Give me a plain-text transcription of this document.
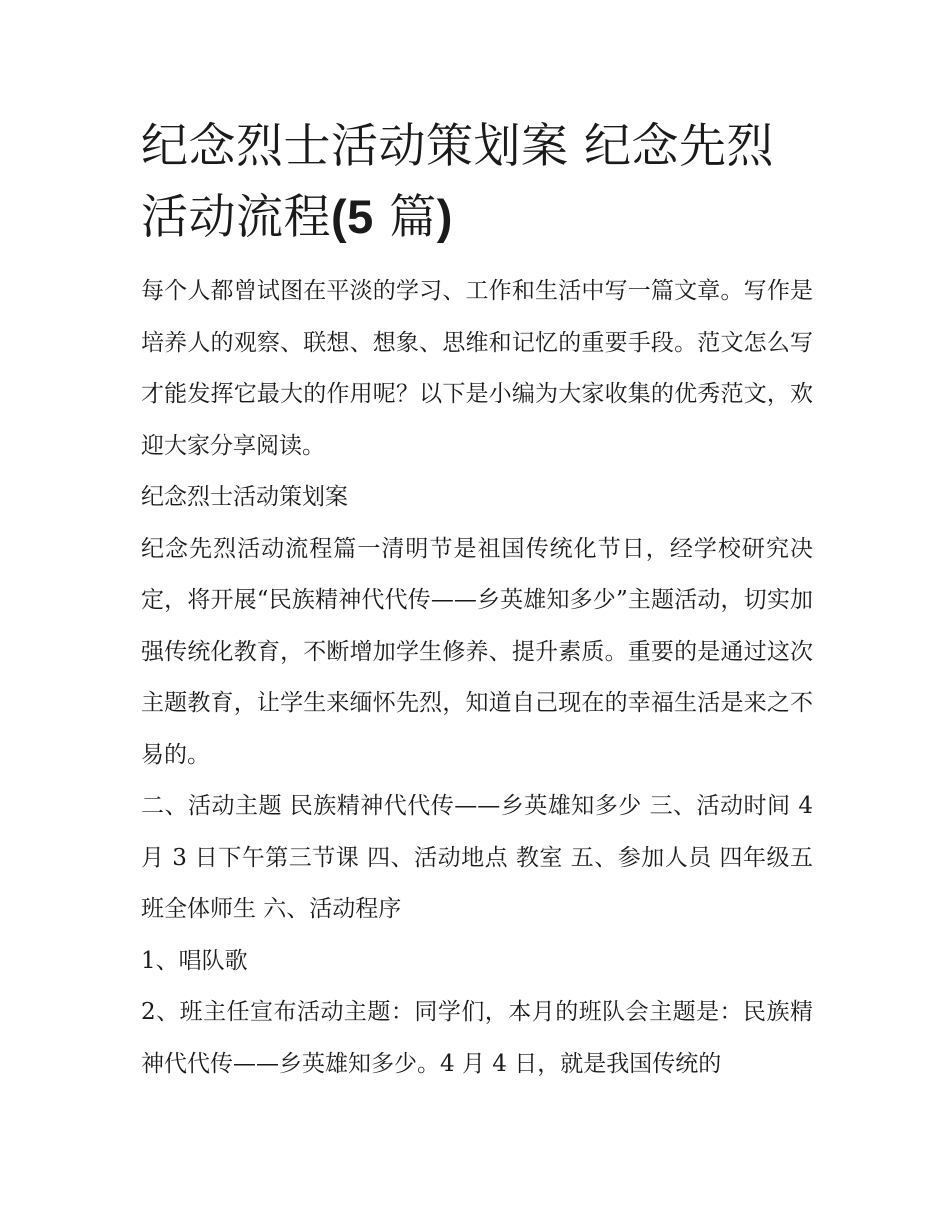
纪念烈士活动策划案 纪念先烈
活动流程(5 篇)

每个人都曾试图在平淡的学习、工作和生活中写一篇文章。写作是培养人的观察、联想、想象、思维和记忆的重要手段。范文怎么写才能发挥它最大的作用呢？以下是小编为大家收集的优秀范文，欢迎大家分享阅读。

纪念烈士活动策划案

纪念先烈活动流程篇一清明节是祖国传统化节日，经学校研究决定，将开展“民族精神代代传——乡英雄知多少”主题活动，切实加强传统化教育，不断增加学生修养、提升素质。重要的是通过这次主题教育，让学生来缅怀先烈，知道自己现在的幸福生活是来之不易的。

二、活动主题 民族精神代代传——乡英雄知多少 三、活动时间 4 月 3 日下午第三节课 四、活动地点 教室 五、参加人员 四年级五班全体师生 六、活动程序

1、唱队歌

2、班主任宣布活动主题：同学们，本月的班队会主题是：民族精神代代传——乡英雄知多少。4 月 4 日，就是我国传统的
